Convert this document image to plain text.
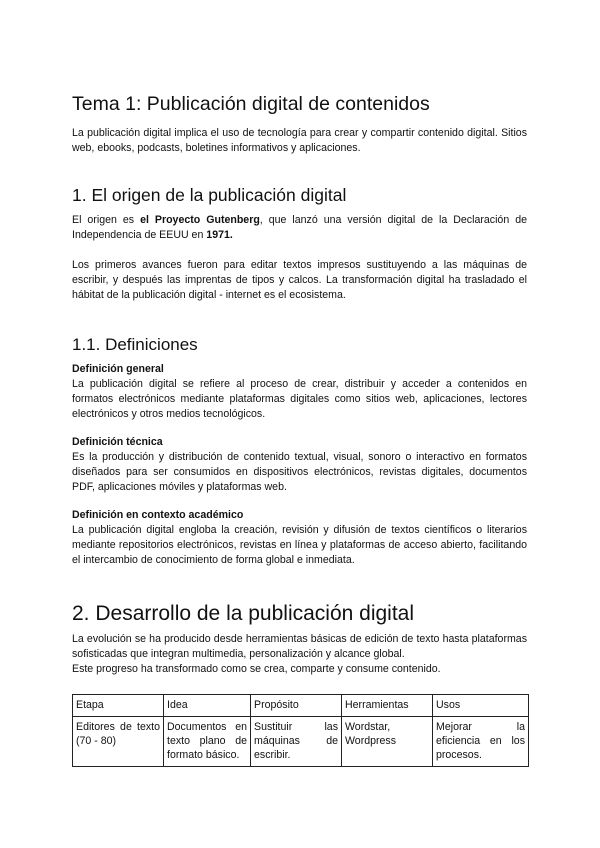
Tema 1: Publicación digital de contenidos

La publicación digital implica el uso de tecnología para crear y compartir contenido digital. Sitios web, ebooks, podcasts, boletines informativos y aplicaciones.

1. El origen de la publicación digital

El origen es el Proyecto Gutenberg, que lanzó una versión digital de la Declaración de Independencia de EEUU en 1971.

Los primeros avances fueron para editar textos impresos sustituyendo a las máquinas de escribir, y después las imprentas de tipos y calcos. La transformación digital ha trasladado el hábitat de la publicación digital - internet es el ecosistema.

1.1. Definiciones
Definición general

La publicación digital se refiere al proceso de crear, distribuir y acceder a contenidos en formatos electrónicos mediante plataformas digitales como sitios web, aplicaciones, lectores electrónicos y otros medios tecnológicos.

Definición técnica

Es la producción y distribución de contenido textual, visual, sonoro o interactivo en formatos diseñados para ser consumidos en dispositivos electrónicos, revistas digitales, documentos PDF, aplicaciones móviles y plataformas web.

Definición en contexto académico

La publicación digital engloba la creación, revisión y difusión de textos científicos o literarios mediante repositorios electrónicos, revistas en línea y plataformas de acceso abierto, facilitando el intercambio de conocimiento de forma global e inmediata.

2. Desarrollo de la publicación digital

La evolución se ha producido desde herramientas básicas de edición de texto hasta plataformas sofisticadas que integran multimedia, personalización y alcance global.

Este progreso ha transformado como se crea, comparte y consume contenido.

Etapa	Idea	Propósito	Herramientas	Usos
Editores de texto (70 - 80)	Documentos en texto plano de formato básico.	Sustituir las máquinas de escribir.	Wordstar, Wordpress	Mejorar la eficiencia en los procesos.
